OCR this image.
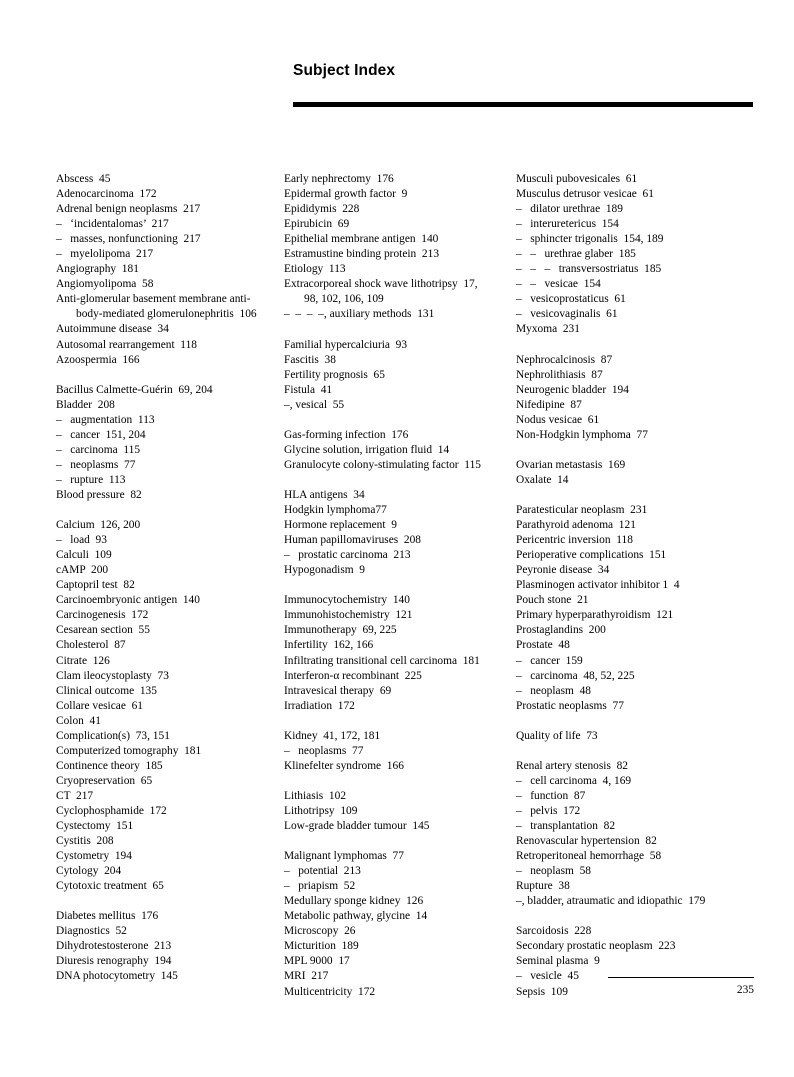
Subject Index
Abscess  45
Adenocarcinoma  172
Adrenal benign neoplasms  217
–   ‘incidentalomas’  217
–   masses, nonfunctioning  217
–   myelolipoma  217
Angiography  181
Angiomyolipoma  58
Anti-glomerular basement membrane anti-
body-mediated glomerulonephritis  106
Autoimmune disease  34
Autosomal rearrangement  118
Azoospermia  166
Bacillus Calmette-Guérin  69, 204
Bladder  208
–   augmentation  113
–   cancer  151, 204
–   carcinoma  115
–   neoplasms  77
–   rupture  113
Blood pressure  82
Calcium  126, 200
–   load  93
Calculi  109
cAMP  200
Captopril test  82
Carcinoembryonic antigen  140
Carcinogenesis  172
Cesarean section  55
Cholesterol  87
Citrate  126
Clam ileocystoplasty  73
Clinical outcome  135
Collare vesicae  61
Colon  41
Complication(s)  73, 151
Computerized tomography  181
Continence theory  185
Cryopreservation  65
CT  217
Cyclophosphamide  172
Cystectomy  151
Cystitis  208
Cystometry  194
Cytology  204
Cytotoxic treatment  65
Diabetes mellitus  176
Diagnostics  52
Dihydrotestosterone  213
Diuresis renography  194
DNA photocytometry  145
Early nephrectomy  176
Epidermal growth factor  9
Epididymis  228
Epirubicin  69
Epithelial membrane antigen  140
Estramustine binding protein  213
Etiology  113
Extracorporeal shock wave lithotripsy  17,
98, 102, 106, 109
–  –  –  –, auxiliary methods  131
Familial hypercalciuria  93
Fascitis  38
Fertility prognosis  65
Fistula  41
–, vesical  55
Gas-forming infection  176
Glycine solution, irrigation fluid  14
Granulocyte colony-stimulating factor  115
HLA antigens  34
Hodgkin lymphoma77
Hormone replacement  9
Human papillomaviruses  208
–   prostatic carcinoma  213
Hypogonadism  9
Immunocytochemistry  140
Immunohistochemistry  121
Immunotherapy  69, 225
Infertility  162, 166
Infiltrating transitional cell carcinoma  181
Interferon-α recombinant  225
Intravesical therapy  69
Irradiation  172
Kidney  41, 172, 181
–   neoplasms  77
Klinefelter syndrome  166
Lithiasis  102
Lithotripsy  109
Low-grade bladder tumour  145
Malignant lymphomas  77
–   potential  213
–   priapism  52
Medullary sponge kidney  126
Metabolic pathway, glycine  14
Microscopy  26
Micturition  189
MPL 9000  17
MRI  217
Multicentricity  172
Musculi pubovesicales  61
Musculus detrusor vesicae  61
–   dilator urethrae  189
–   interuretericus  154
–   sphincter trigonalis  154, 189
–   –   urethrae glaber  185
–   –   –   transversostriatus  185
–   –   vesicae  154
–   vesicoprostaticus  61
–   vesicovaginalis  61
Myxoma  231
Nephrocalcinosis  87
Nephrolithiasis  87
Neurogenic bladder  194
Nifedipine  87
Nodus vesicae  61
Non-Hodgkin lymphoma  77
Ovarian metastasis  169
Oxalate  14
Paratesticular neoplasm  231
Parathyroid adenoma  121
Pericentric inversion  118
Perioperative complications  151
Peyronie disease  34
Plasminogen activator inhibitor 1  4
Pouch stone  21
Primary hyperparathyroidism  121
Prostaglandins  200
Prostate  48
–   cancer  159
–   carcinoma  48, 52, 225
–   neoplasm  48
Prostatic neoplasms  77
Quality of life  73
Renal artery stenosis  82
–   cell carcinoma  4, 169
–   function  87
–   pelvis  172
–   transplantation  82
Renovascular hypertension  82
Retroperitoneal hemorrhage  58
–   neoplasm  58
Rupture  38
–, bladder, atraumatic and idiopathic  179
Sarcoidosis  228
Secondary prostatic neoplasm  223
Seminal plasma  9
–   vesicle  45
Sepsis  109	235
